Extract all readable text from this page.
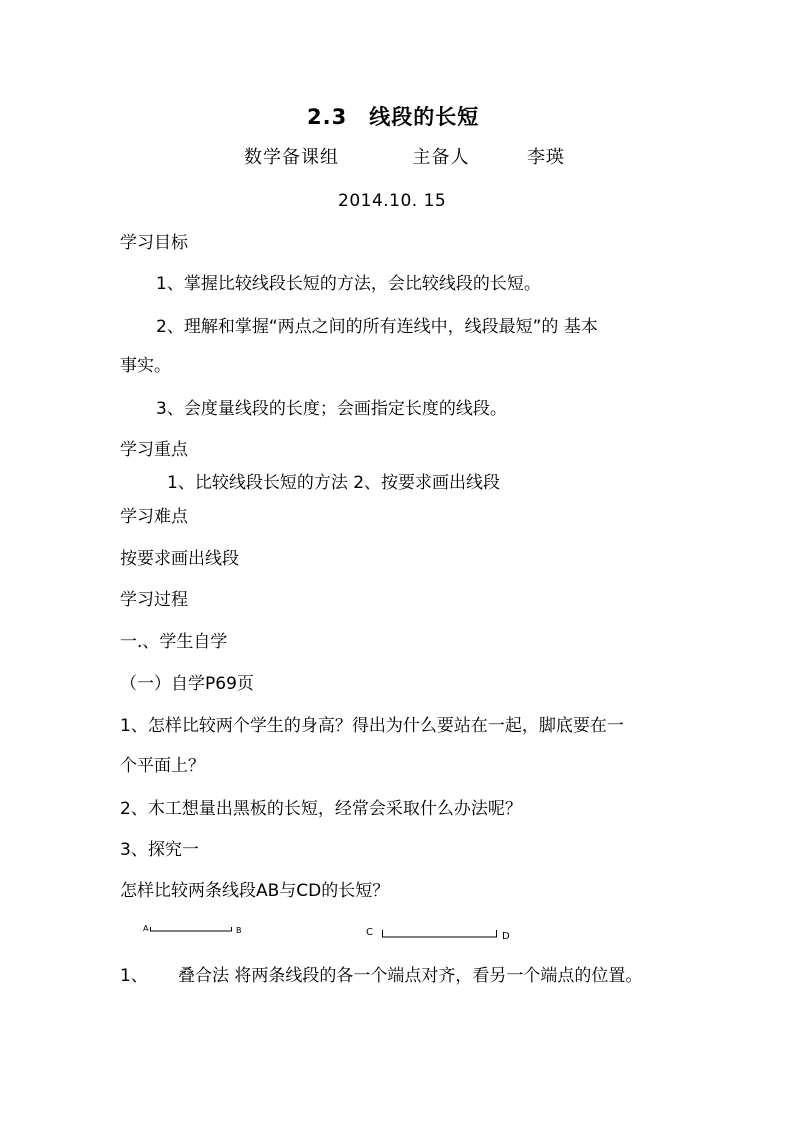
2.3　线段的长短
数学备课组	主备人	李瑛
2014.10. 15
学习目标
1、掌握比较线段长短的方法，会比较线段的长短。
2、理解和掌握“两点之间的所有连线中，线段最短”的 基本
事实。
3、会度量线段的长度；会画指定长度的线段。
学习重点
1、比较线段长短的方法 2、按要求画出线段
学习难点
按要求画出线段
学习过程
一.、学生自学
（一）自学P69页
1、怎样比较两个学生的身高？得出为什么要站在一起，脚底要在一
个平面上？
2、木工想量出黑板的长短，经常会采取什么办法呢？
3、探究一
怎样比较两条线段AB与CD的长短？
A	B	C	D
1、 叠合法 将两条线段的各一个端点对齐，看另一个端点的位置。
